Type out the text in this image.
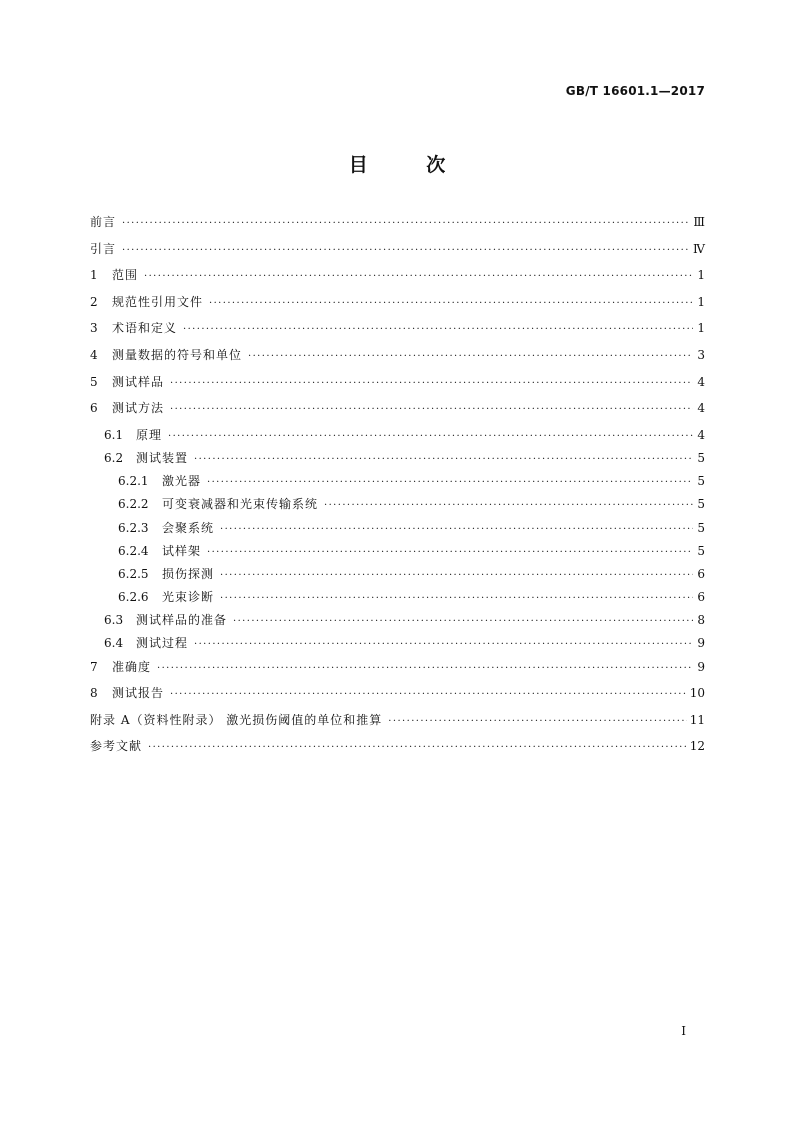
GB/T 16601.1—2017
目 次
前言 ·····	Ⅲ
引言 ·····	Ⅳ
1	范围 ·····	1
2	规范性引用文件 ·····	1
3	术语和定义 ·····	1
4	测量数据的符号和单位 ·····	3
5	测试样品 ·····	4
6	测试方法 ·····	4
6.1	原理 ·····	4
6.2	测试装置 ·····	5
6.2.1	激光器 ·····	5
6.2.2	可变衰减器和光束传输系统 ·····	5
6.2.3	会聚系统 ·····	5
6.2.4	试样架 ·····	5
6.2.5	损伤探测 ·····	6
6.2.6	光束诊断 ·····	6
6.3	测试样品的准备 ·····	8
6.4	测试过程 ·····	9
7	准确度 ·····	9
8	测试报告 ·····	10
附录 A（资料性附录） 激光损伤阈值的单位和推算 ·····	11
参考文献 ·····	12
I
